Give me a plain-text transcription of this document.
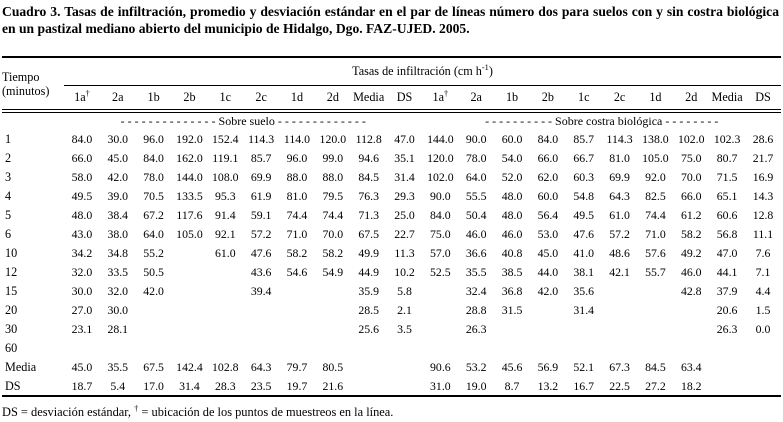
Cuadro 3. Tasas de infiltración, promedio y desviación estándar en el par de líneas número dos para suelos con y sin costra biológica en un pastizal mediano abierto del municipio de Hidalgo, Dgo. FAZ-UJED. 2005.

Tiempo
(minutos)	Tasas de infiltración (cm $h^{-1}$)																			
	1a†	2a	1b	2b	1c	2c	1d	2d	Media	DS	1a†	2a	1b	2b	1c	2c	1d	2d	Media	DS
	- - - - - - - - - - - - - - Sobre suelo - - - - - - - - - - - - -										- - - - - - - - - - Sobre costra biológica - - - - - - - -									
1	84.0	30.0	96.0	192.0	152.4	114.3	114.0	120.0	112.8	47.0	144.0	90.0	60.0	84.0	85.7	114.3	138.0	102.0	102.3	28.6
2	66.0	45.0	84.0	162.0	119.1	85.7	96.0	99.0	94.6	35.1	120.0	78.0	54.0	66.0	66.7	81.0	105.0	75.0	80.7	21.7
3	58.0	42.0	78.0	144.0	108.0	69.9	88.0	88.0	84.5	31.4	102.0	64.0	52.0	62.0	60.3	69.9	92.0	70.0	71.5	16.9
4	49.5	39.0	70.5	133.5	95.3	61.9	81.0	79.5	76.3	29.3	90.0	55.5	48.0	60.0	54.8	64.3	82.5	66.0	65.1	14.3
5	48.0	38.4	67.2	117.6	91.4	59.1	74.4	74.4	71.3	25.0	84.0	50.4	48.0	56.4	49.5	61.0	74.4	61.2	60.6	12.8
6	43.0	38.0	64.0	105.0	92.1	57.2	71.0	70.0	67.5	22.7	75.0	46.0	46.0	53.0	47.6	57.2	71.0	58.2	56.8	11.1
10	34.2	34.8	55.2		61.0	47.6	58.2	58.2	49.9	11.3	57.0	36.6	40.8	45.0	41.0	48.6	57.6	49.2	47.0	7.6
12	32.0	33.5	50.5			43.6	54.6	54.9	44.9	10.2	52.5	35.5	38.5	44.0	38.1	42.1	55.7	46.0	44.1	7.1
15	30.0	32.0	42.0			39.4			35.9	5.8		32.4	36.8	42.0	35.6			42.8	37.9	4.4
20	27.0	30.0							28.5	2.1		28.8	31.5		31.4				20.6	1.5
30	23.1	28.1							25.6	3.5		26.3							26.3	0.0
60																				
Media	45.0	35.5	67.5	142.4	102.8	64.3	79.7	80.5			90.6	53.2	45.6	56.9	52.1	67.3	84.5	63.4		
DS	18.7	5.4	17.0	31.4	28.3	23.5	19.7	21.6			31.0	19.0	8.7	13.2	16.7	22.5	27.2	18.2		

DS = desviación estándar, † = ubicación de los puntos de muestreos en la línea.
